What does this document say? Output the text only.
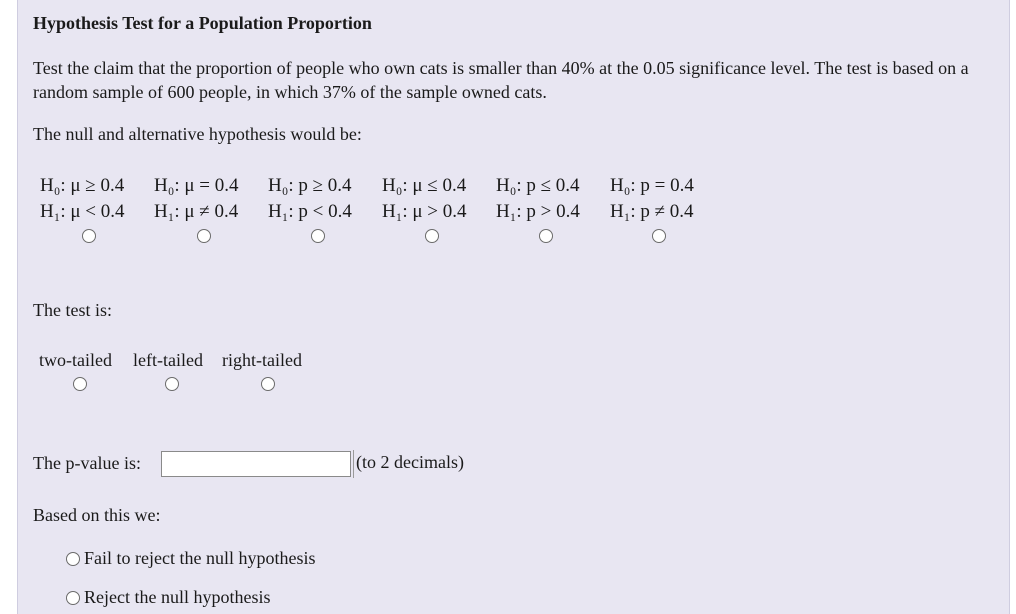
Hypothesis Test for a Population Proportion
Test the claim that the proportion of people who own cats is smaller than 40% at the 0.05 significance level. The test is based on a random sample of 600 people, in which 37% of the sample owned cats.
The null and alternative hypothesis would be:
H₀: μ ≥ 0.4
H₁: μ < 0.4
H₀: μ = 0.4
H₁: μ ≠ 0.4
H₀: p ≥ 0.4
H₁: p < 0.4
H₀: μ ≤ 0.4
H₁: μ > 0.4
H₀: p ≤ 0.4
H₁: p > 0.4
H₀: p = 0.4
H₁: p ≠ 0.4
The test is:
two-tailed left-tailed right-tailed
The p-value is:	(to 2 decimals)
Based on this we:
Fail to reject the null hypothesis
Reject the null hypothesis
